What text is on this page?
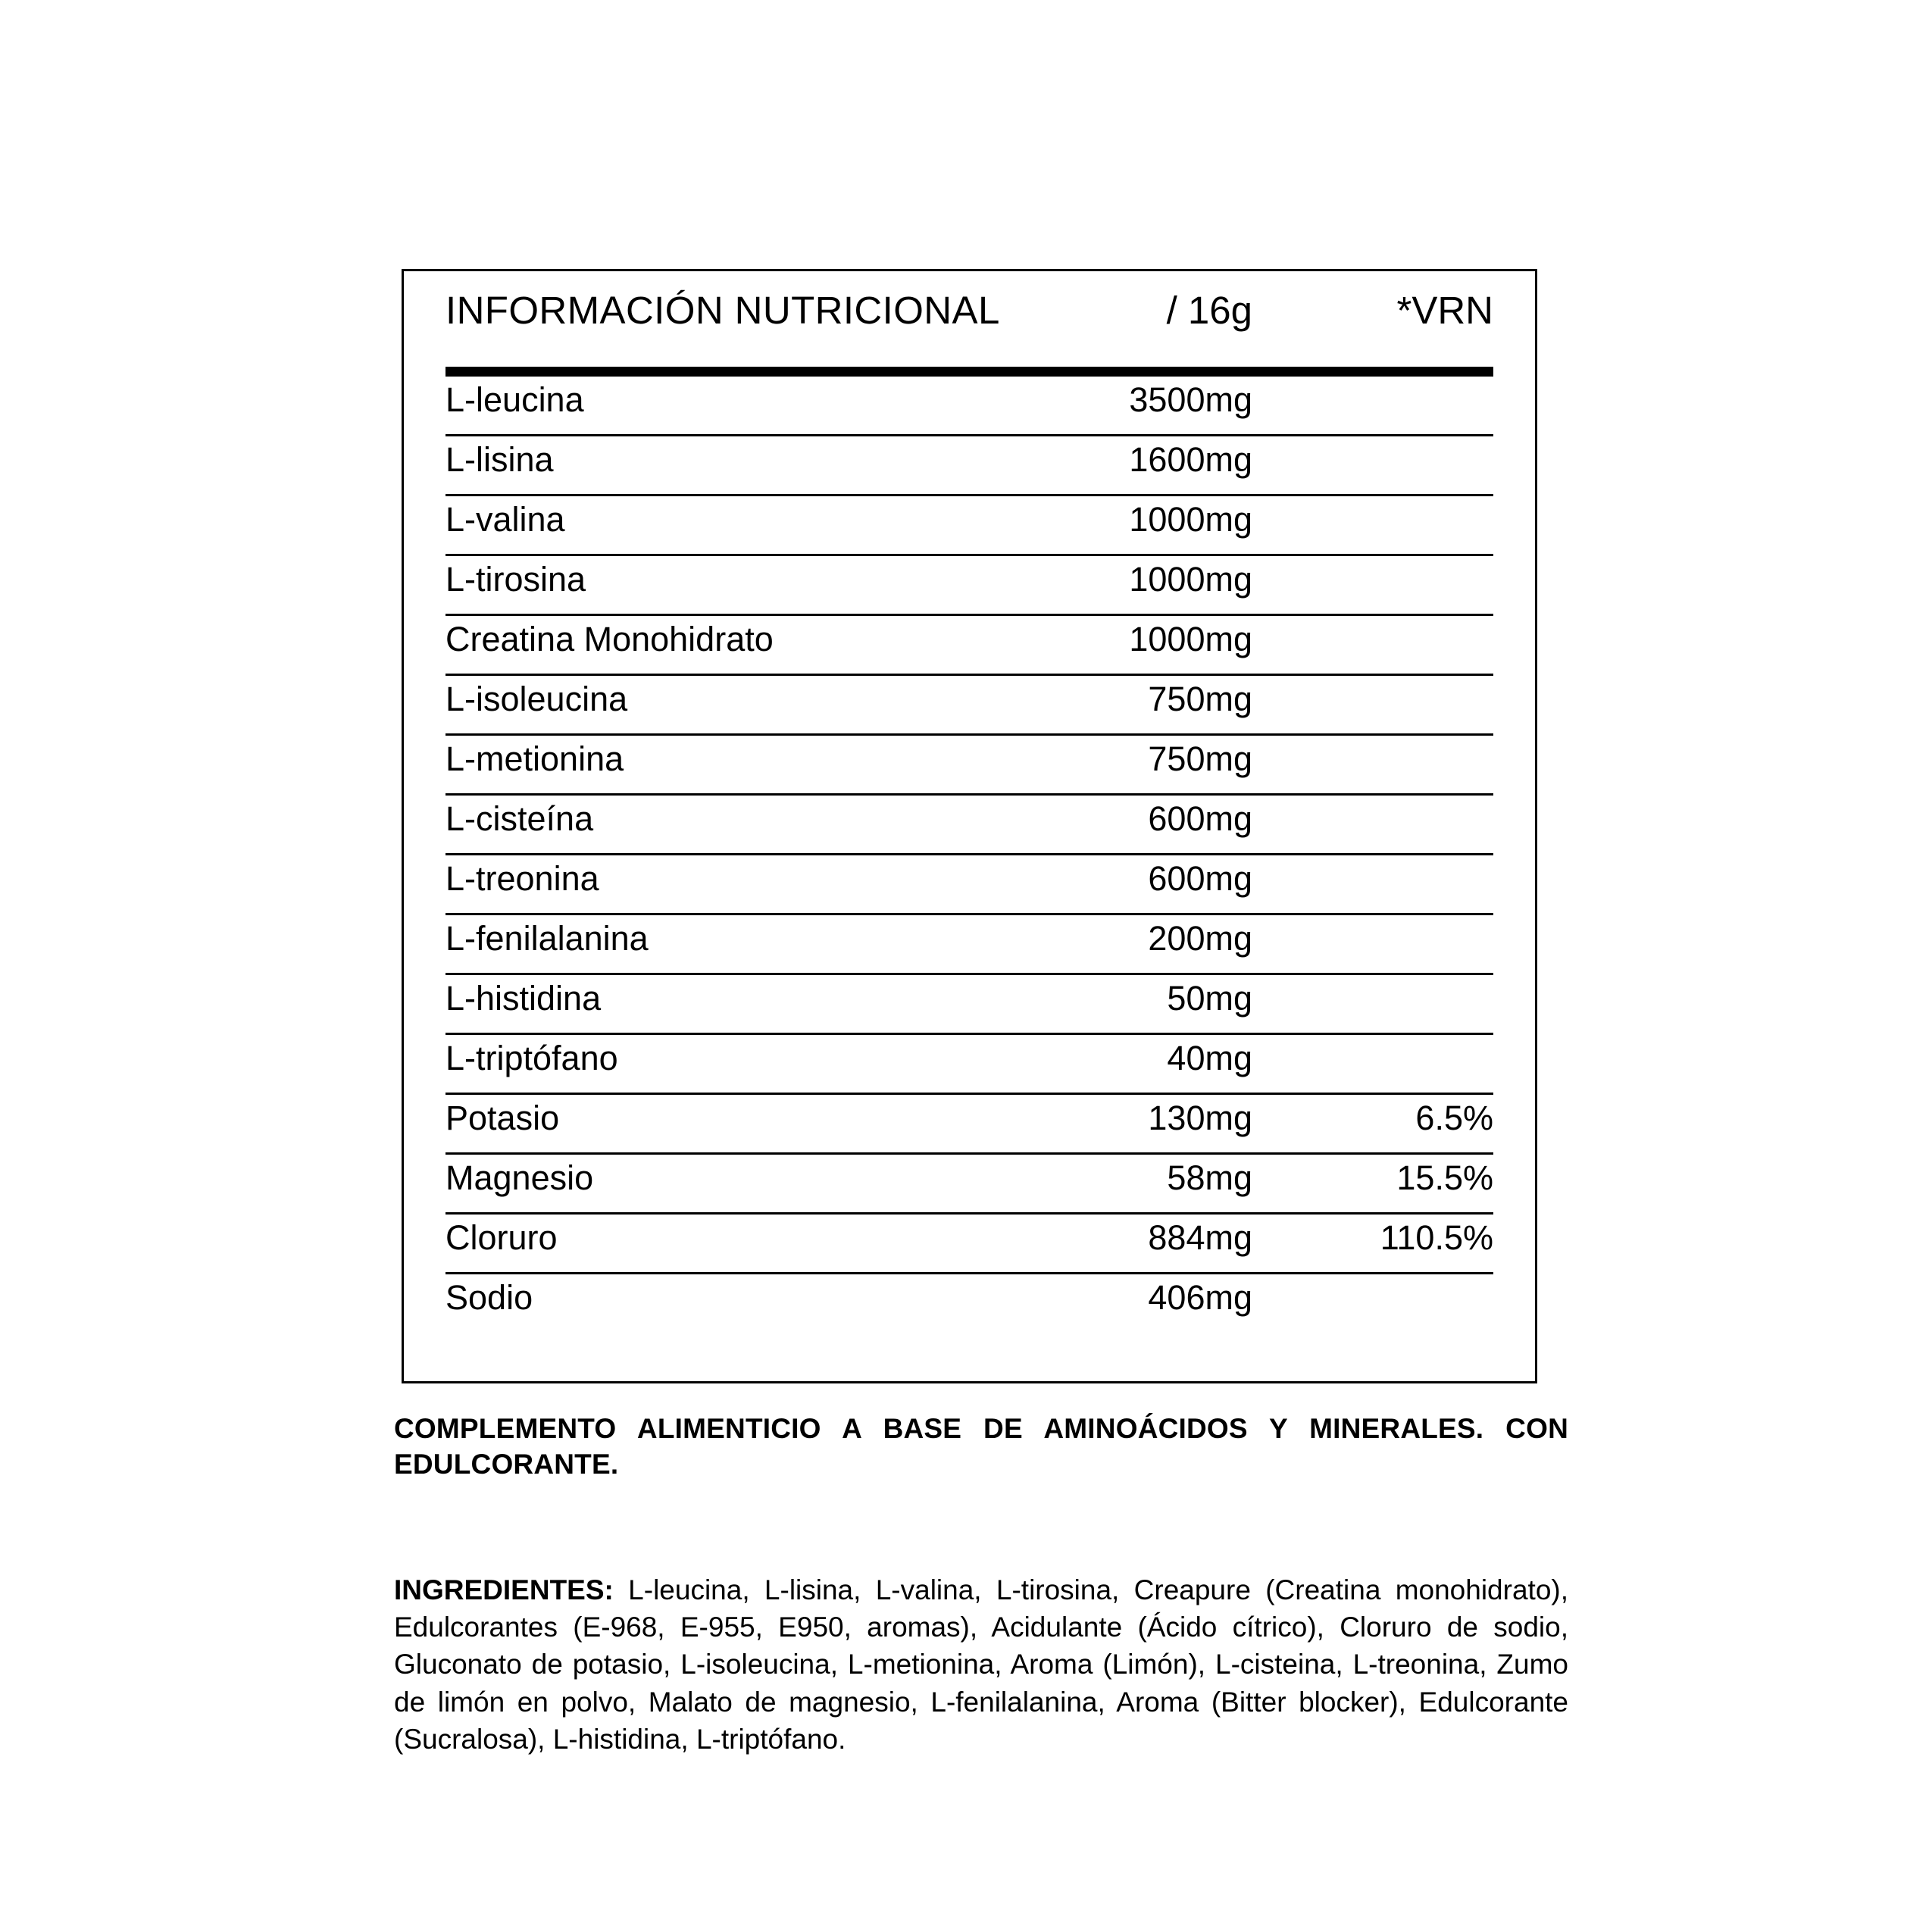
INFORMACIÓN NUTRICIONAL	/ 16g	*VRN
L-leucina	3500mg
L-lisina	1600mg
L-valina	1000mg
L-tirosina	1000mg
Creatina Monohidrato	1000mg
L-isoleucina	750mg
L-metionina	750mg
L-cisteína	600mg
L-treonina	600mg
L-fenilalanina	200mg
L-histidina	50mg
L-triptófano	40mg
Potasio	130mg	6.5%
Magnesio	58mg	15.5%
Cloruro	884mg	110.5%
Sodio	406mg

COMPLEMENTO ALIMENTICIO A BASE DE AMINOÁCIDOS Y MINERALES. CON EDULCORANTE.

INGREDIENTES: L-leucina, L-lisina, L-valina, L-tirosina, Creapure (Creatina monohidrato), Edulcorantes (E-968, E-955, E950, aromas), Acidulante (Ácido cítrico), Cloruro de sodio, Gluconato de potasio, L-isoleucina, L-metionina, Aroma (Limón), L-cisteina, L-treonina, Zumo de limón en polvo, Malato de magnesio, L-fenilalanina, Aroma (Bitter blocker), Edulcorante (Sucralosa), L-histidina, L-triptófano.
